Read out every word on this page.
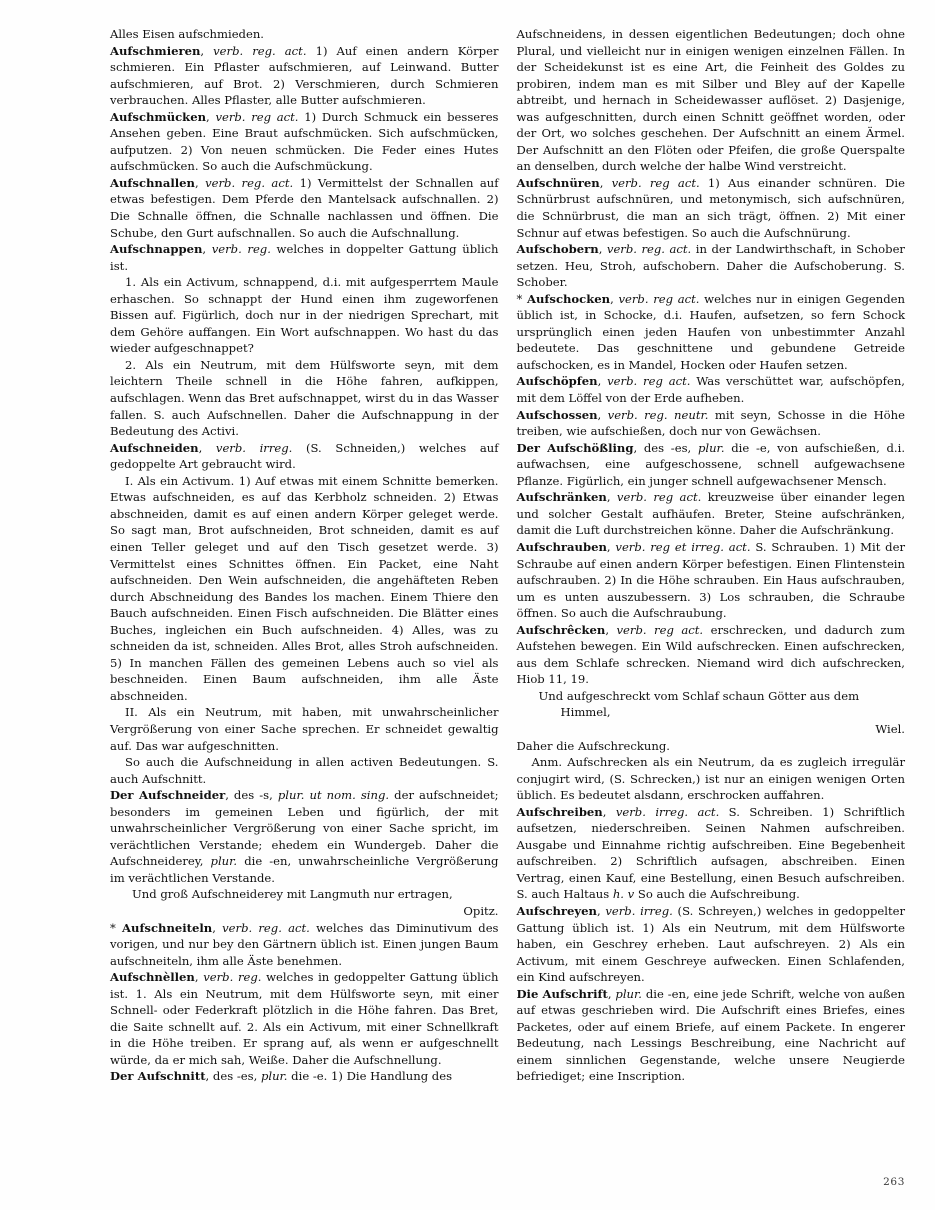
Alles Eisen aufschmieden.

Aufschmieren, verb. reg. act. 1) Auf einen andern Körper schmieren. Ein Pflaster aufschmieren, auf Leinwand. Butter aufschmieren, auf Brot. 2) Verschmieren, durch Schmieren verbrauchen. Alles Pflaster, alle Butter aufschmieren.

Aufschmücken, verb. reg act. 1) Durch Schmuck ein besseres Ansehen geben. Eine Braut aufschmücken. Sich aufschmücken, aufputzen. 2) Von neuen schmücken. Die Feder eines Hutes aufschmücken. So auch die Aufschmückung.

Aufschnallen, verb. reg. act. 1) Vermittelst der Schnallen auf etwas befestigen. Dem Pferde den Mantelsack aufschnallen. 2) Die Schnalle öffnen, die Schnalle nachlassen und öffnen. Die Schube, den Gurt aufschnallen. So auch die Aufschnallung.

Aufschnappen, verb. reg. welches in doppelter Gattung üblich ist.

1. Als ein Activum, schnappend, d.i. mit aufgesperrtem Maule erhaschen. So schnappt der Hund einen ihm zugeworfenen Bissen auf. Figürlich, doch nur in der niedrigen Sprechart, mit dem Gehöre auffangen. Ein Wort aufschnappen. Wo hast du das wieder aufgeschnappet?

2. Als ein Neutrum, mit dem Hülfsworte seyn, mit dem leichtern Theile schnell in die Höhe fahren, aufkippen, aufschlagen. Wenn das Bret aufschnappet, wirst du in das Wasser fallen. S. auch Aufschnellen. Daher die Aufschnappung in der Bedeutung des Activi.

Aufschneiden, verb. irreg. (S. Schneiden,) welches auf gedoppelte Art gebraucht wird.

I. Als ein Activum. 1) Auf etwas mit einem Schnitte bemerken. Etwas aufschneiden, es auf das Kerbholz schneiden. 2) Etwas abschneiden, damit es auf einen andern Körper geleget werde. So sagt man, Brot aufschneiden, Brot schneiden, damit es auf einen Teller geleget und auf den Tisch gesetzet werde. 3) Vermittelst eines Schnittes öffnen. Ein Packet, eine Naht aufschneiden. Den Wein aufschneiden, die angehäfteten Reben durch Abschneidung des Bandes los machen. Einem Thiere den Bauch aufschneiden. Einen Fisch aufschneiden. Die Blätter eines Buches, ingleichen ein Buch aufschneiden. 4) Alles, was zu schneiden da ist, schneiden. Alles Brot, alles Stroh aufschneiden. 5) In manchen Fällen des gemeinen Lebens auch so viel als beschneiden. Einen Baum aufschneiden, ihm alle Äste abschneiden.

II. Als ein Neutrum, mit haben, mit unwahrscheinlicher Vergrößerung von einer Sache sprechen. Er schneidet gewaltig auf. Das war aufgeschnitten.

So auch die Aufschneidung in allen activen Bedeutungen. S. auch Aufschnitt.

Der Aufschneider, des -s, plur. ut nom. sing. der aufschneidet; besonders im gemeinen Leben und figürlich, der mit unwahrscheinlicher Vergrößerung von einer Sache spricht, im verächtlichen Verstande; ehedem ein Wundergeb. Daher die Aufschneiderey, plur. die -en, unwahrscheinliche Vergrößerung im verächtlichen Verstande.

Und groß Aufschneiderey mit Langmuth nur ertragen,

Opitz.

* Aufschneiteln, verb. reg. act. welches das Diminutivum des vorigen, und nur bey den Gärtnern üblich ist. Einen jungen Baum aufschneiteln, ihm alle Äste benehmen.

Aufschnèllen, verb. reg. welches in gedoppelter Gattung üblich ist. 1. Als ein Neutrum, mit dem Hülfsworte seyn, mit einer Schnell- oder Federkraft plötzlich in die Höhe fahren. Das Bret, die Saite schnellt auf. 2. Als ein Activum, mit einer Schnellkraft in die Höhe treiben. Er sprang auf, als wenn er aufgeschnellt würde, da er mich sah, Weiße. Daher die Aufschnellung.

Der Aufschnitt, des -es, plur. die -e. 1) Die Handlung des

Aufschneidens, in dessen eigentlichen Bedeutungen; doch ohne Plural, und vielleicht nur in einigen wenigen einzelnen Fällen. In der Scheidekunst ist es eine Art, die Feinheit des Goldes zu probiren, indem man es mit Silber und Bley auf der Kapelle abtreibt, und hernach in Scheidewasser auflöset. 2) Dasjenige, was aufgeschnitten, durch einen Schnitt geöffnet worden, oder der Ort, wo solches geschehen. Der Aufschnitt an einem Ärmel. Der Aufschnitt an den Flöten oder Pfeifen, die große Querspalte an denselben, durch welche der halbe Wind verstreicht.

Aufschnüren, verb. reg act. 1) Aus einander schnüren. Die Schnürbrust aufschnüren, und metonymisch, sich aufschnüren, die Schnürbrust, die man an sich trägt, öffnen. 2) Mit einer Schnur auf etwas befestigen. So auch die Aufschnürung.

Aufschobern, verb. reg. act. in der Landwirthschaft, in Schober setzen. Heu, Stroh, aufschobern. Daher die Aufschoberung. S. Schober.

* Aufschocken, verb. reg act. welches nur in einigen Gegenden üblich ist, in Schocke, d.i. Haufen, aufsetzen, so fern Schock ursprünglich einen jeden Haufen von unbestimmter Anzahl bedeutete. Das geschnittene und gebundene Getreide aufschocken, es in Mandel, Hocken oder Haufen setzen.

Aufschöpfen, verb. reg act. Was verschüttet war, aufschöpfen, mit dem Löffel von der Erde aufheben.

Aufschossen, verb. reg. neutr. mit seyn, Schosse in die Höhe treiben, wie aufschießen, doch nur von Gewächsen.

Der Aufschößling, des -es, plur. die -e, von aufschießen, d.i. aufwachsen, eine aufgeschossene, schnell aufgewachsene Pflanze. Figürlich, ein junger schnell aufgewachsener Mensch.

Aufschränken, verb. reg act. kreuzweise über einander legen und solcher Gestalt aufhäufen. Breter, Steine aufschränken, damit die Luft durchstreichen könne. Daher die Aufschränkung.

Aufschrauben, verb. reg et irreg. act. S. Schrauben. 1) Mit der Schraube auf einen andern Körper befestigen. Einen Flintenstein aufschrauben. 2) In die Höhe schrauben. Ein Haus aufschrauben, um es unten auszubessern. 3) Los schrauben, die Schraube öffnen. So auch die Aufschraubung.

Aufschrêcken, verb. reg act. erschrecken, und dadurch zum Aufstehen bewegen. Ein Wild aufschrecken. Einen aufschrecken, aus dem Schlafe schrecken. Niemand wird dich aufschrecken, Hiob 11, 19.

Und aufgeschreckt vom Schlaf schaun Götter aus dem

Himmel,

Wiel.

Daher die Aufschreckung.

Anm. Aufschrecken als ein Neutrum, da es zugleich irregulär conjugirt wird, (S. Schrecken,) ist nur an einigen wenigen Orten üblich. Es bedeutet alsdann, erschrocken auffahren.

Aufschreiben, verb. irreg. act. S. Schreiben. 1) Schriftlich aufsetzen, niederschreiben. Seinen Nahmen aufschreiben. Ausgabe und Einnahme richtig aufschreiben. Eine Begebenheit aufschreiben. 2) Schriftlich aufsagen, abschreiben. Einen Vertrag, einen Kauf, eine Bestellung, einen Besuch aufschreiben. S. auch Haltaus h. v So auch die Aufschreibung.

Aufschreyen, verb. irreg. (S. Schreyen,) welches in gedoppelter Gattung üblich ist. 1) Als ein Neutrum, mit dem Hülfsworte haben, ein Geschrey erheben. Laut aufschreyen. 2) Als ein Activum, mit einem Geschreye aufwecken. Einen Schlafenden, ein Kind aufschreyen.

Die Aufschrift, plur. die -en, eine jede Schrift, welche von außen auf etwas geschrieben wird. Die Aufschrift eines Briefes, eines Packetes, oder auf einem Briefe, auf einem Packete. In engerer Bedeutung, nach Lessings Beschreibung, eine Nachricht auf einem sinnlichen Gegenstande, welche unsere Neugierde befriediget; eine Inscription.

263
